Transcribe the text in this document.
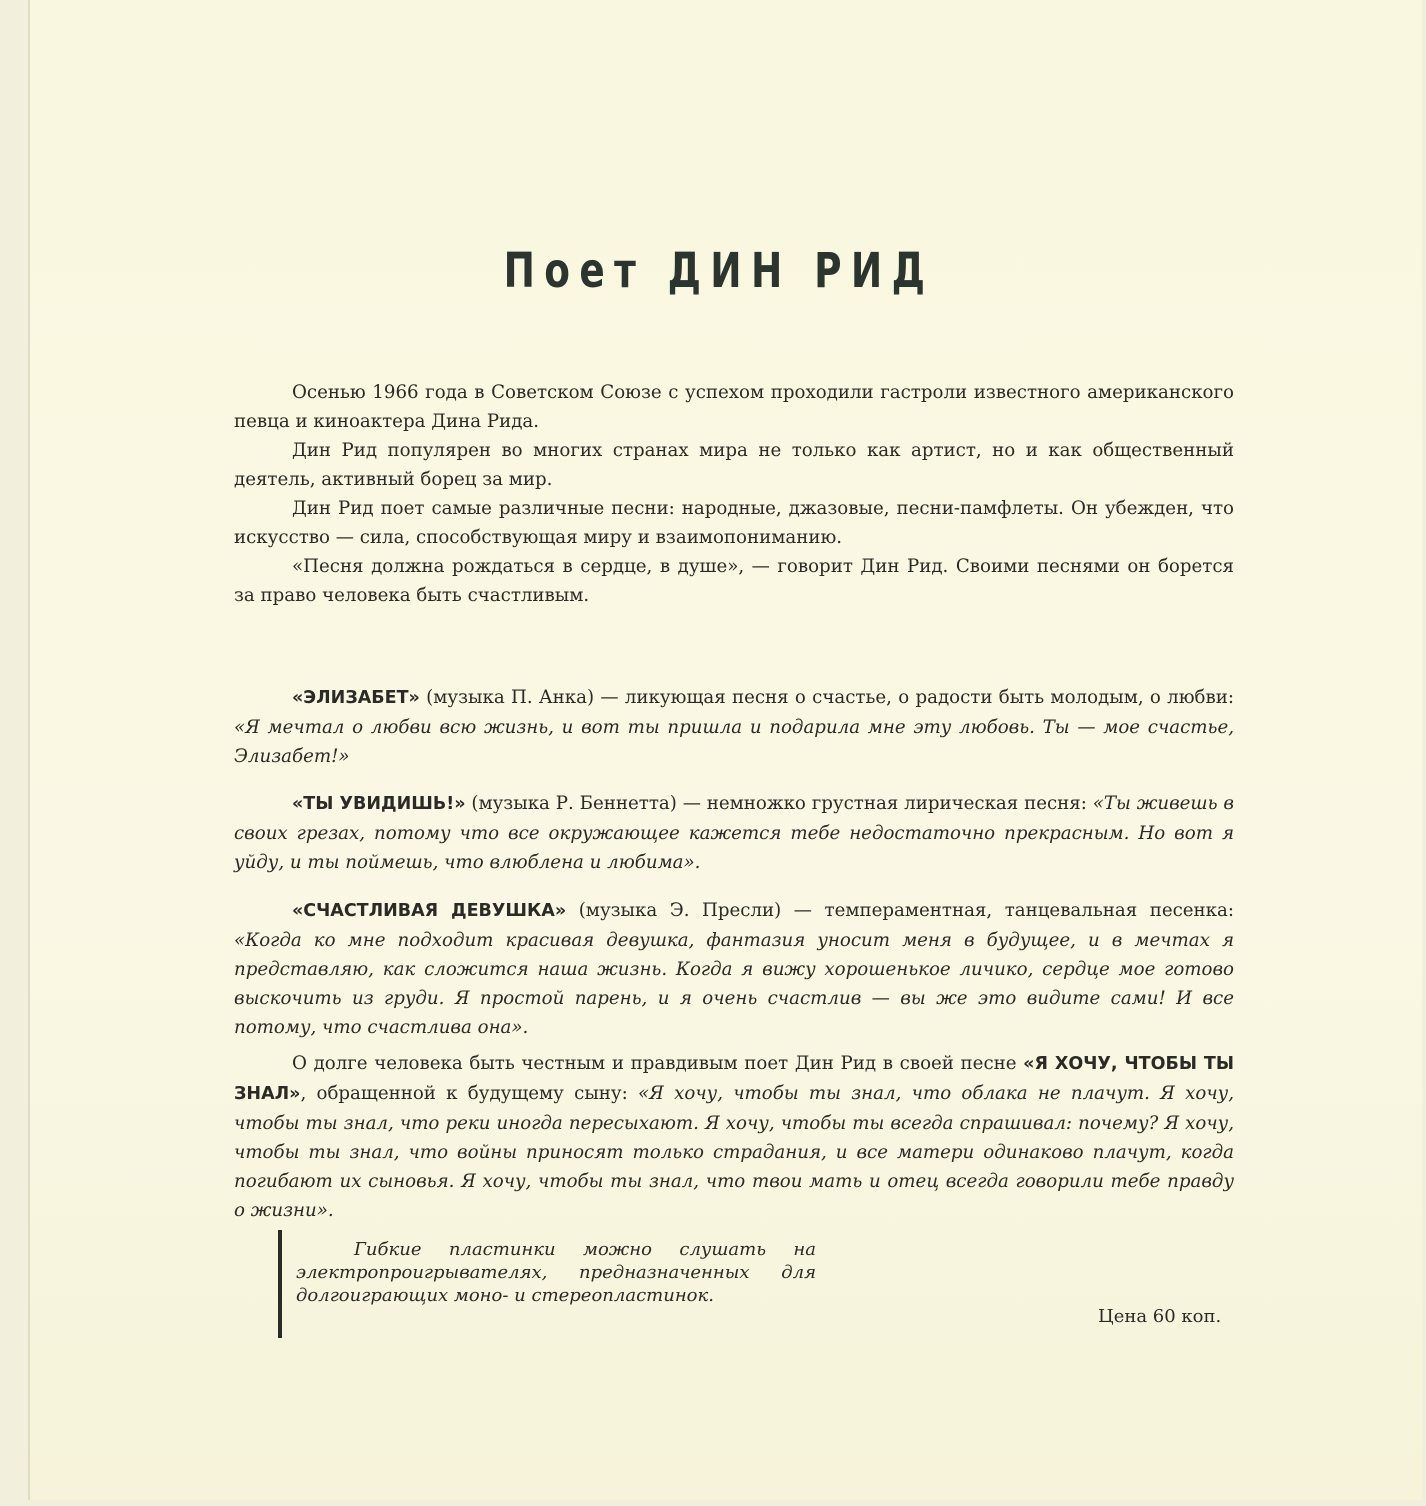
Поет ДИН РИД

Осенью 1966 года в Советском Союзе с успехом проходили гастроли известного американского певца и киноактера Дина Рида.

Дин Рид популярен во многих странах мира не только как артист, но и как общественный деятель, активный борец за мир.

Дин Рид поет самые различные песни: народные, джазовые, песни-памфлеты. Он убежден, что искусство — сила, способствующая миру и взаимопониманию.

«Песня должна рождаться в сердце, в душе», — говорит Дин Рид. Своими песнями он борется за право человека быть счастливым.

«ЭЛИЗАБЕТ» (музыка П. Анка) — ликующая песня о счастье, о радости быть молодым, о любви: «Я мечтал о любви всю жизнь, и вот ты пришла и подарила мне эту любовь. Ты — мое счастье, Элизабет!»

«ТЫ УВИДИШЬ!» (музыка Р. Беннетта) — немножко грустная лирическая песня: «Ты живешь в своих грезах, потому что все окружающее кажется тебе недостаточно прекрасным. Но вот я уйду, и ты поймешь, что влюблена и любима».

«СЧАСТЛИВАЯ ДЕВУШКА» (музыка Э. Пресли) — темпераментная, танцевальная песенка: «Когда ко мне подходит красивая девушка, фантазия уносит меня в будущее, и в мечтах я представляю, как сложится наша жизнь. Когда я вижу хорошенькое личико, сердце мое готово выскочить из груди. Я простой парень, и я очень счастлив — вы же это видите сами! И все потому, что счастлива она».

О долге человека быть честным и правдивым поет Дин Рид в своей песне «Я ХОЧУ, ЧТОБЫ ТЫ ЗНАЛ», обращенной к будущему сыну: «Я хочу, чтобы ты знал, что облака не плачут. Я хочу, чтобы ты знал, что реки иногда пересыхают. Я хочу, чтобы ты всегда спрашивал: почему? Я хочу, чтобы ты знал, что войны приносят только страдания, и все матери одинаково плачут, когда погибают их сыновья. Я хочу, чтобы ты знал, что твои мать и отец всегда говорили тебе правду о жизни».

Гибкие пластинки можно слушать на электропроигрывателях, предназначенных для долгоиграющих моно- и стереопластинок.

Цена 60 коп.
